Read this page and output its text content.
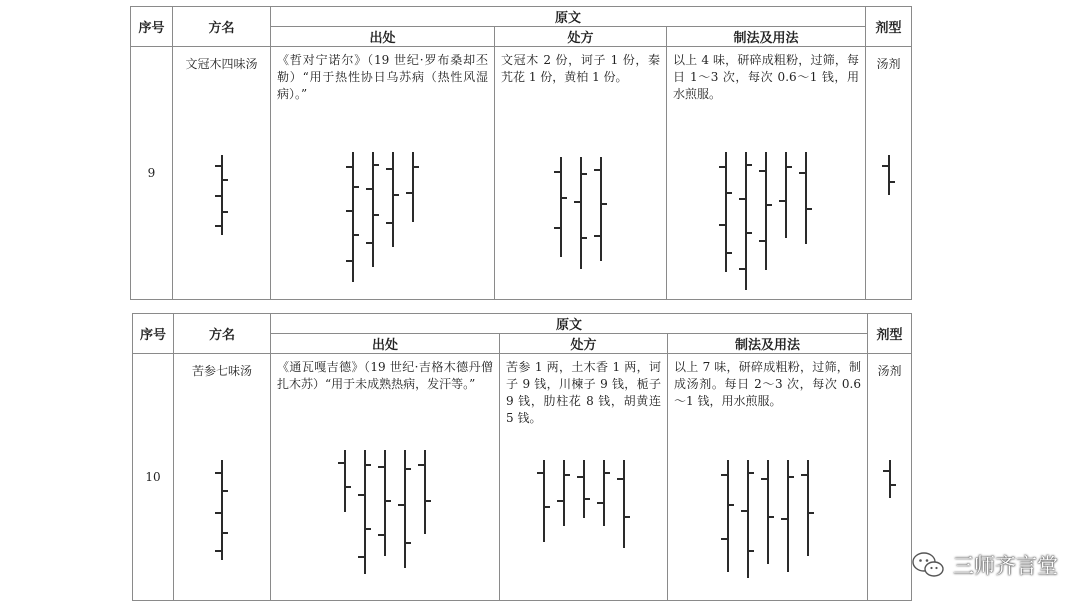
序号	方名	原文			剂型
		出处	处方	制法及用法	
9	文冠木四味汤	《哲对宁诺尔》（19 世纪·罗布桑却丕勒）“用于热性协日乌苏病（热性风湿病）。”	文冠木 2 份，诃子 1 份，秦艽花 1 份，黄柏 1 份。	以上 4 味，研碎成粗粉，过筛，每日 1～3 次，每次 0.6～1 钱，用水煎服。	汤剂
序号	方名	原文			剂型
		出处	处方	制法及用法	
10	苦参七味汤	《通瓦嘎吉德》（19 世纪·吉格木德丹僧扎木苏）“用于未成熟热病，发汗等。”	苦参 1 两，土木香 1 两，诃子 9 钱，川楝子 9 钱，栀子 9 钱，肋柱花 8 钱，胡黄连 5 钱。	以上 7 味，研碎成粗粉，过筛，制成汤剂。每日 2～3 次，每次 0.6～1 钱，用水煎服。	汤剂
三师齐言堂
